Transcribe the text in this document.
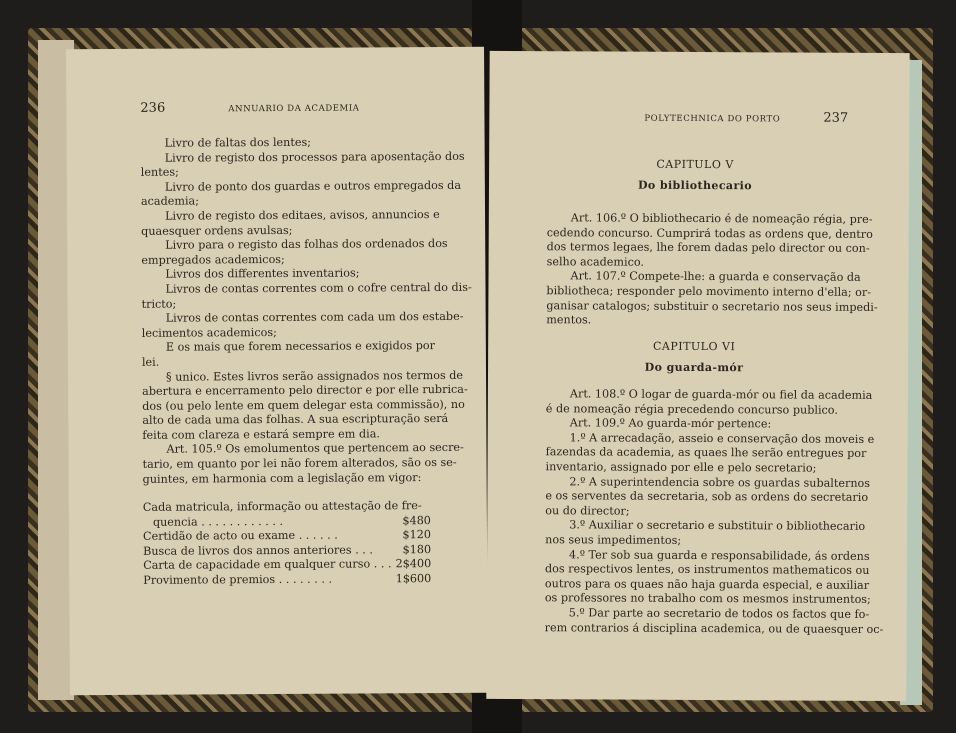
236	ANNUARIO DA ACADEMIA
Livro de faltas dos lentes;
Livro de registo dos processos para aposentação dos
lentes;
Livro de ponto dos guardas e outros empregados da
academia;
Livro de registo dos editaes, avisos, annuncios e
quaesquer ordens avulsas;
Livro para o registo das folhas dos ordenados dos
empregados academicos;
Livros dos differentes inventarios;
Livros de contas correntes com o cofre central do dis-
tricto;
Livros de contas correntes com cada um dos estabe-
lecimentos academicos;
E os mais que forem necessarios e exigidos por
lei.
§ unico. Estes livros serão assignados nos termos de
abertura e encerramento pelo director e por elle rubrica-
dos (ou pelo lente em quem delegar esta commissão), no
alto de cada uma das folhas. A sua escripturação será
feita com clareza e estará sempre em dia.
Art. 105.º Os emolumentos que pertencem ao secre-
tario, em quanto por lei não forem alterados, são os se-
guintes, em harmonia com a legislação em vigor:
Cada matricula, informação ou attestação de fre-
quencia . . . . . . . . . . . .	$480
Certidão de acto ou exame . . . . . .	$120
Busca de livros dos annos anteriores . . .	$180
Carta de capacidade em qualquer curso . . . 2$400
Provimento de premios . . . . . . . .	1$600
POLYTECHNICA DO PORTO	237
CAPITULO V
Do bibliothecario
Art. 106.º O bibliothecario é de nomeação régia, pre-
cedendo concurso. Cumprirá todas as ordens que, dentro
dos termos legaes, lhe forem dadas pelo director ou con-
selho academico.
Art. 107.º Compete-lhe: a guarda e conservação da
bibliotheca; responder pelo movimento interno d'ella; or-
ganisar catalogos; substituir o secretario nos seus impedi-
mentos.
CAPITULO VI
Do guarda-mór
Art. 108.º O logar de guarda-mór ou fiel da academia
é de nomeação régia precedendo concurso publico.
Art. 109.º Ao guarda-mór pertence:
1.º A arrecadação, asseio e conservação dos moveis e
fazendas da academia, as quaes lhe serão entregues por
inventario, assignado por elle e pelo secretario;
2.º A superintendencia sobre os guardas subalternos
e os serventes da secretaria, sob as ordens do secretario
ou do director;
3.º Auxiliar o secretario e substituir o bibliothecario
nos seus impedimentos;
4.º Ter sob sua guarda e responsabilidade, ás ordens
dos respectivos lentes, os instrumentos mathematicos ou
outros para os quaes não haja guarda especial, e auxiliar
os professores no trabalho com os mesmos instrumentos;
5.º Dar parte ao secretario de todos os factos que fo-
rem contrarios á disciplina academica, ou de quaesquer oc-
